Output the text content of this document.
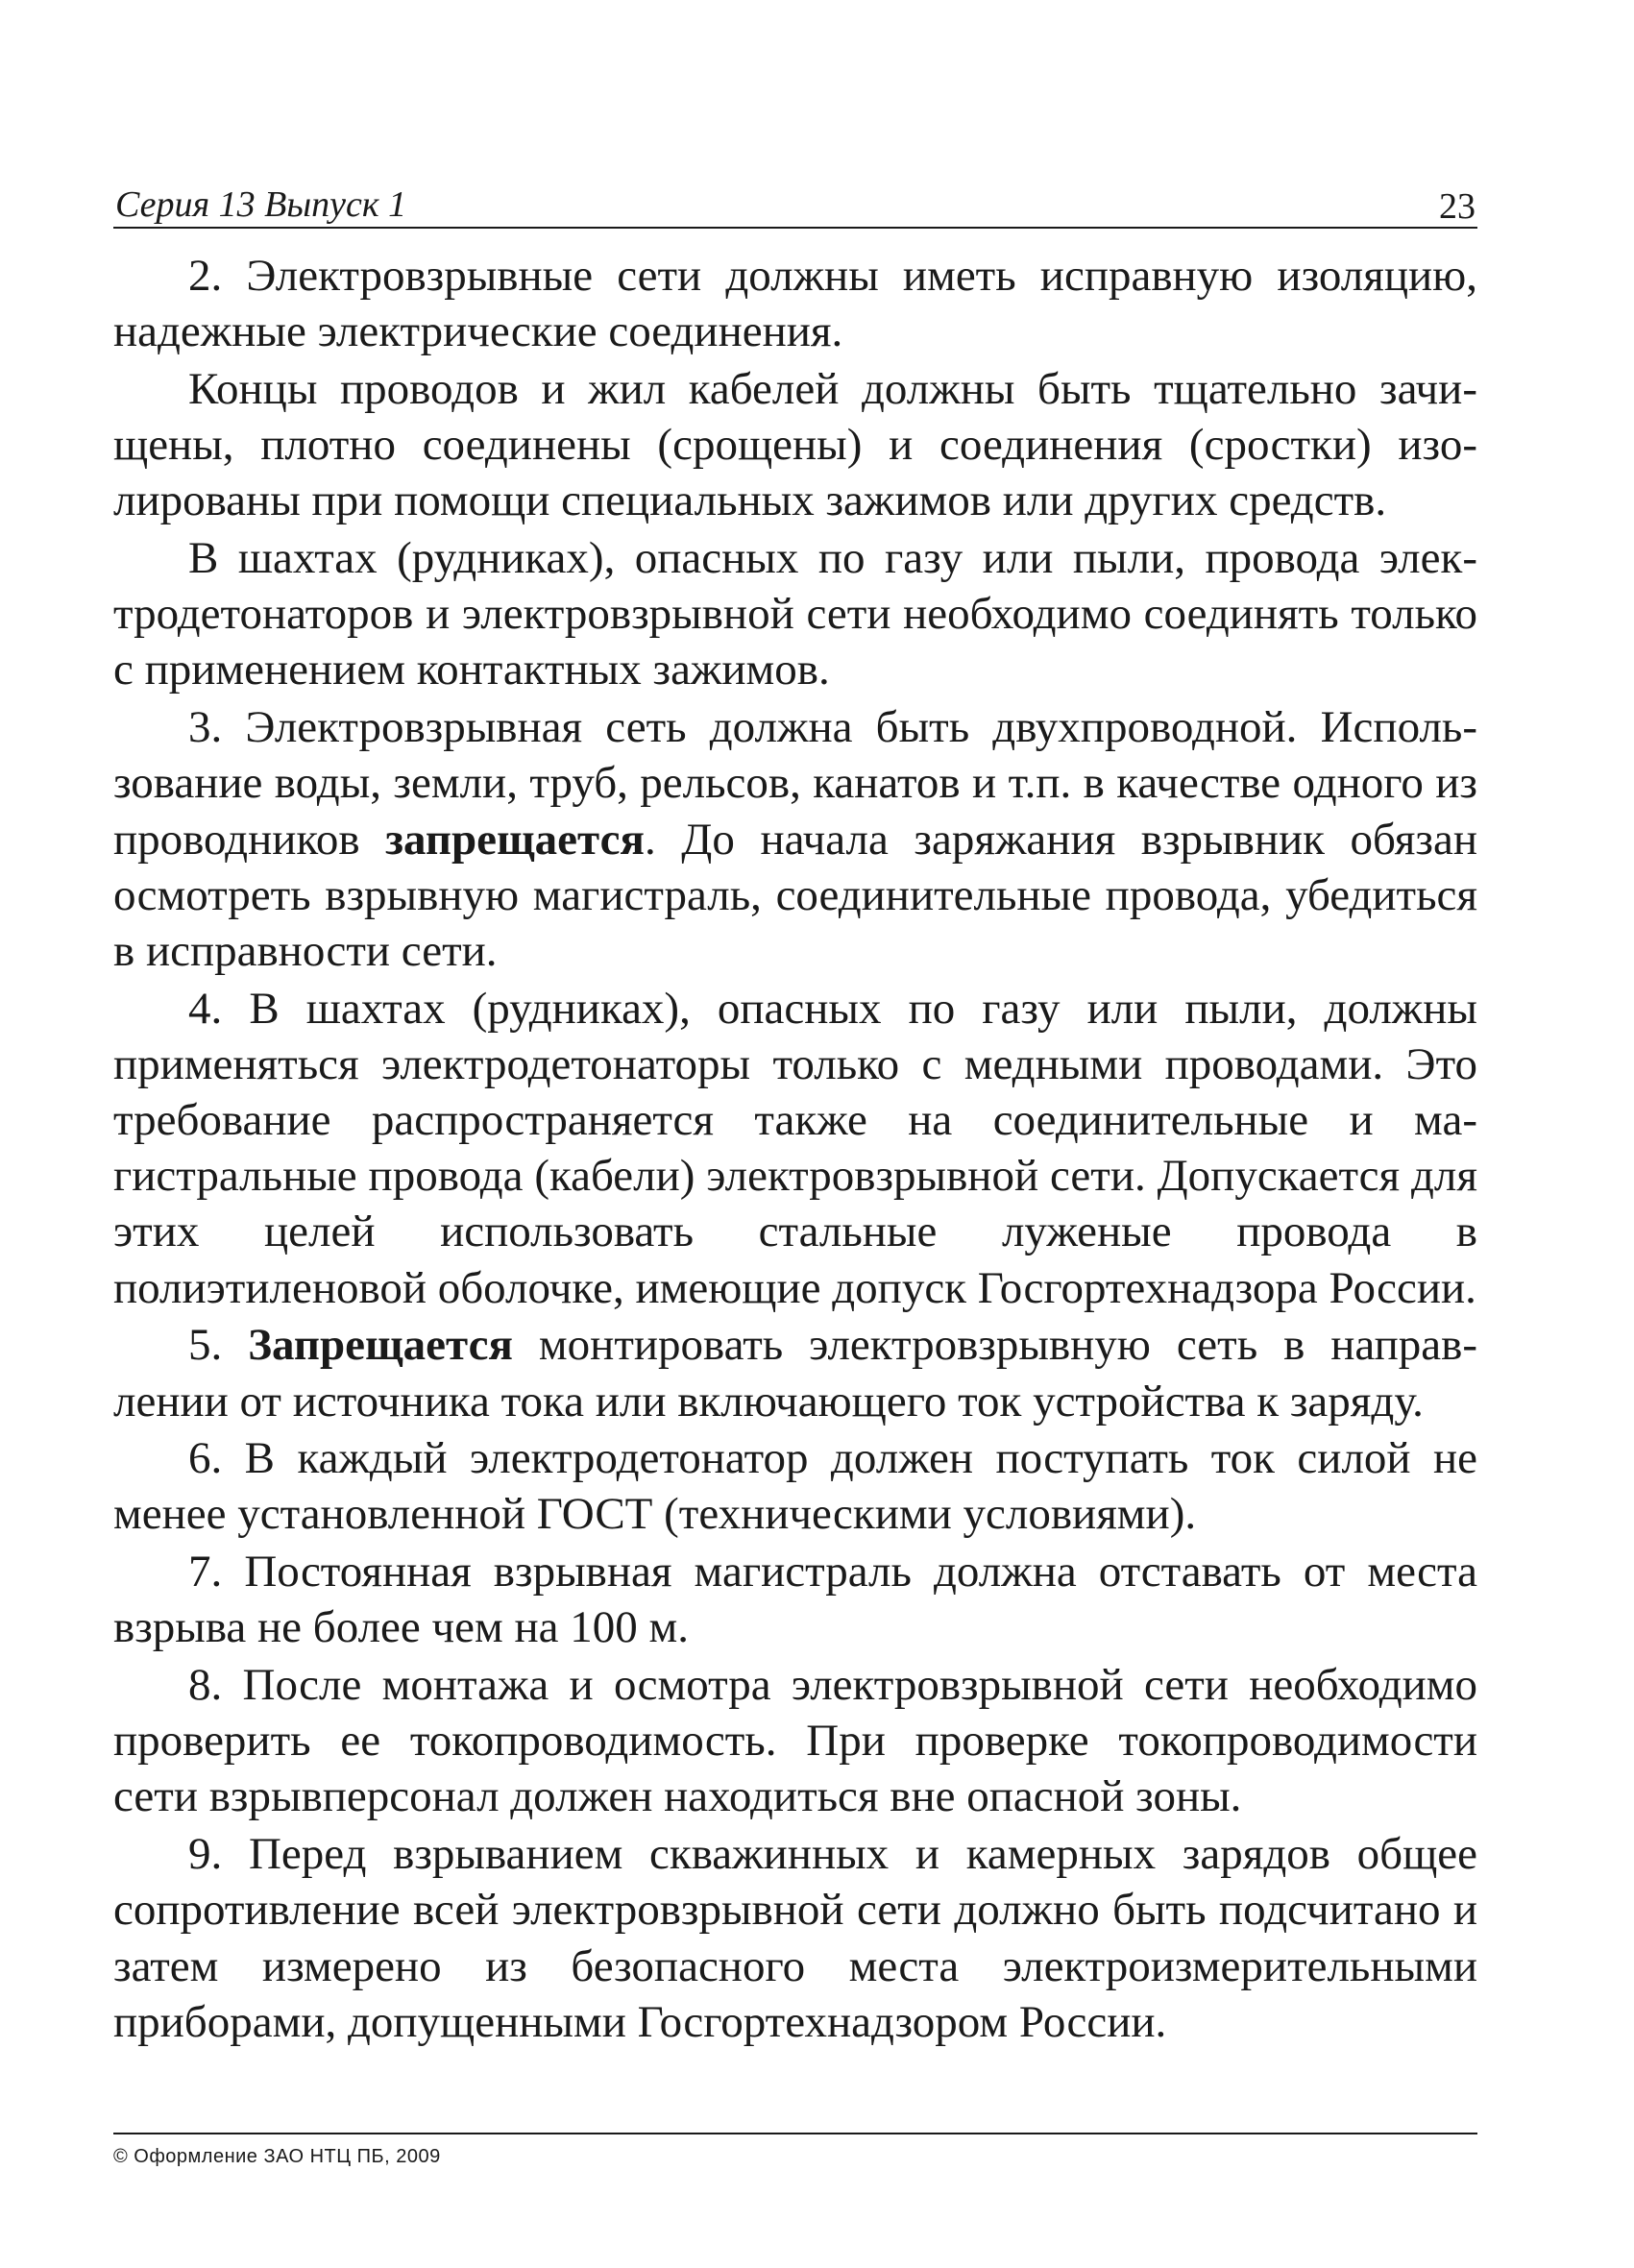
Серия 13 Выпуск 1	23

2. Электровзрывные сети должны иметь исправную изоляцию, надежные электрические соединения.

Концы проводов и жил кабелей должны быть тщательно зачищены, плотно соединены (срощены) и соединения (сростки) изолированы при помощи специальных зажимов или других средств.

В шахтах (рудниках), опасных по газу или пыли, провода электродетонаторов и электровзрывной сети необходимо соединять только с применением контактных зажимов.

3. Электровзрывная сеть должна быть двухпроводной. Использование воды, земли, труб, рельсов, канатов и т.п. в качестве одного из проводников запрещается. До начала заряжания взрывник обязан осмотреть взрывную магистраль, соединительные провода, убедиться в исправности сети.

4. В шахтах (рудниках), опасных по газу или пыли, должны применяться электродетонаторы только с медными проводами. Это требование распространяется также на соединительные и магистральные провода (кабели) электровзрывной сети. Допускается для этих целей использовать стальные луженые провода в полиэтиленовой оболочке, имеющие допуск Госгортехнадзора России.

5. Запрещается монтировать электровзрывную сеть в направлении от источника тока или включающего ток устройства к заряду.

6. В каждый электродетонатор должен поступать ток силой не менее установленной ГОСТ (техническими условиями).

7. Постоянная взрывная магистраль должна отставать от места взрыва не более чем на 100 м.

8. После монтажа и осмотра электровзрывной сети необходимо проверить ее токопроводимость. При проверке токопроводимости сети взрывперсонал должен находиться вне опасной зоны.

9. Перед взрыванием скважинных и камерных зарядов общее сопротивление всей электровзрывной сети должно быть подсчитано и затем измерено из безопасного места электроизмерительными приборами, допущенными Госгортехнадзором России.

© Оформление ЗАО НТЦ ПБ, 2009
